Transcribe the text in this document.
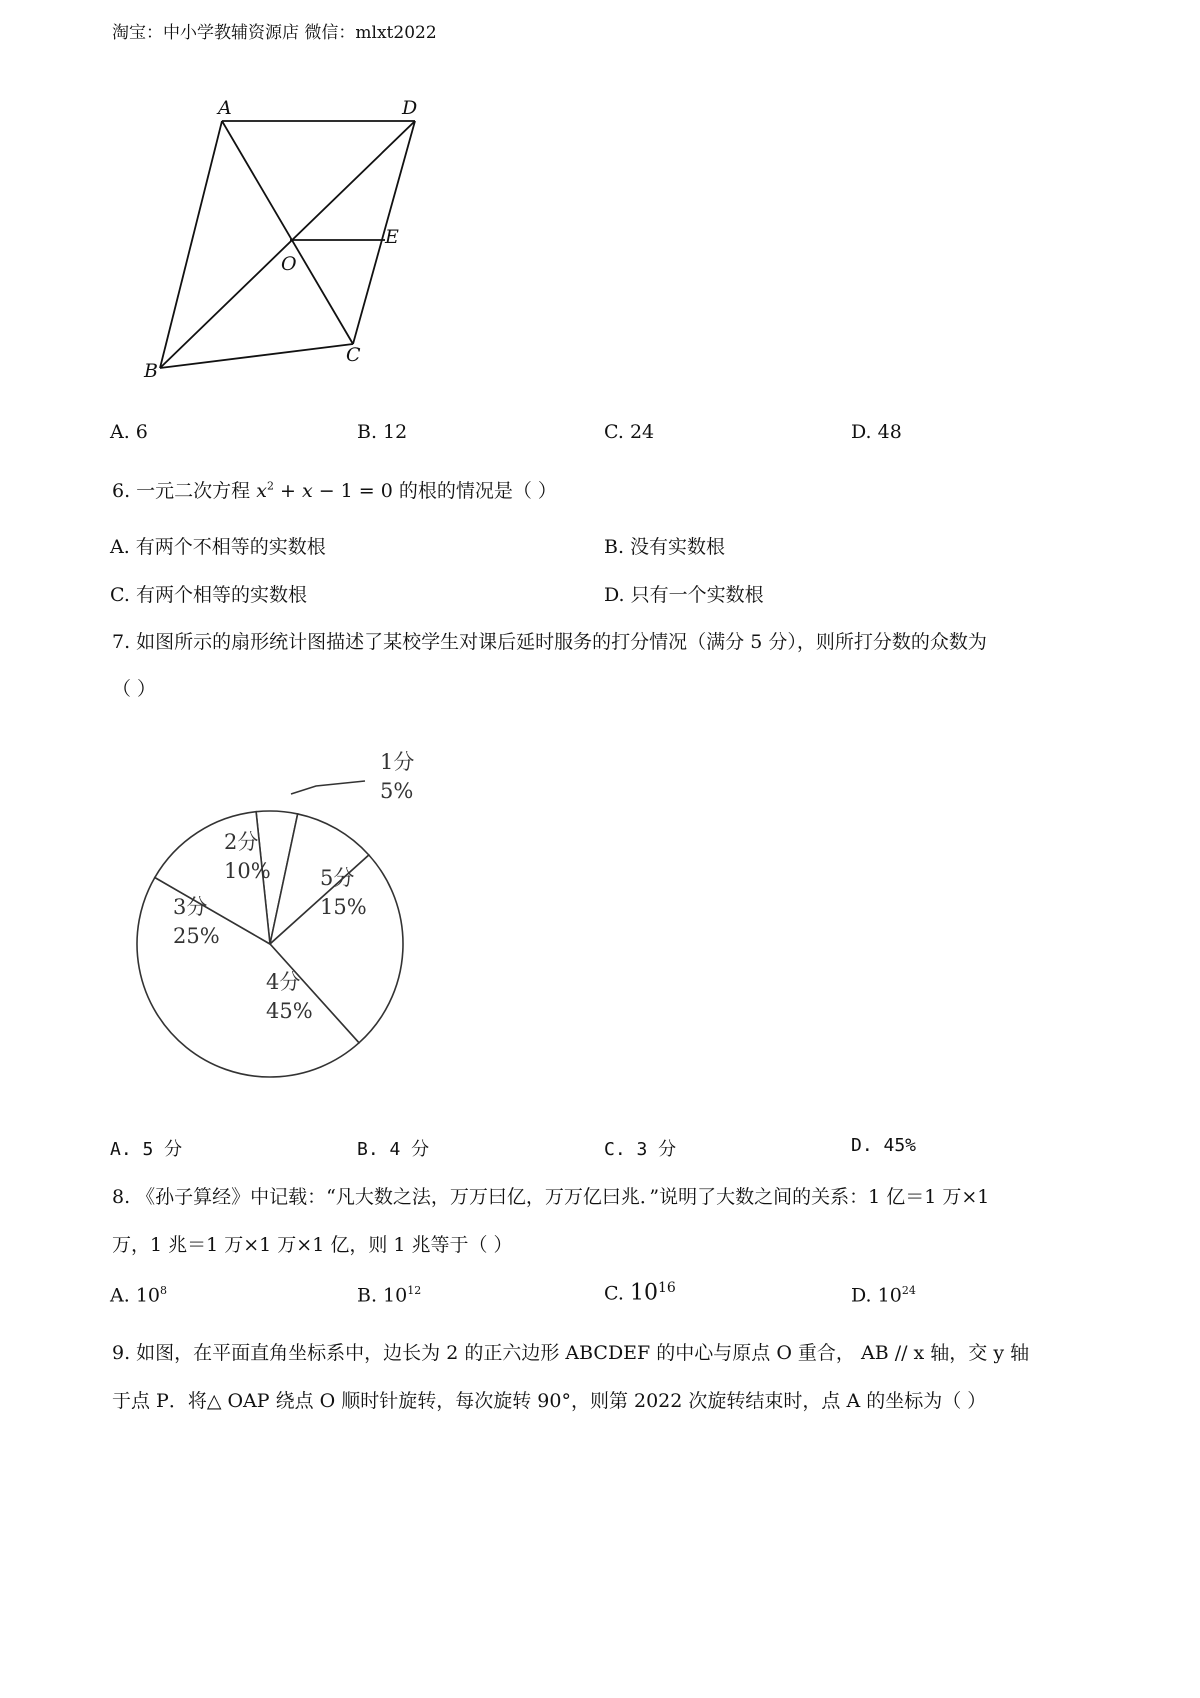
淘宝：中小学教辅资源店 微信：mlxt2022
A	D
E
O
B
C
A. 6	B. 12	C. 24	D. 48
6. 一元二次方程 $x^2 + x - 1 = 0$ 的根的情况是（ ）
A. 有两个不相等的实数根	B. 没有实数根
C. 有两个相等的实数根	D. 只有一个实数根
7. 如图所示的扇形统计图描述了某校学生对课后延时服务的打分情况（满分 5 分），则所打分数的众数为
（ ）
1分
5%
2分
10%
3分
25%
4分
45%
5分
15%
A. 5 分	B. 4 分	C. 3 分	D. 45%
8. 《孙子算经》中记载：“凡大数之法，万万曰亿，万万亿曰兆．”说明了大数之间的关系：1 亿＝1 万×1
万，1 兆＝1 万×1 万×1 亿，则 1 兆等于（ ）
A. $10^8$	B. $10^{12}$	C. $10^{16}$	D. $10^{24}$
9. 如图，在平面直角坐标系中，边长为 2 的正六边形 ABCDEF 的中心与原点 O 重合， AB // x 轴，交 y 轴
于点 P．将△ OAP 绕点 O 顺时针旋转，每次旋转 90°，则第 2022 次旋转结束时，点 A 的坐标为（ ）
